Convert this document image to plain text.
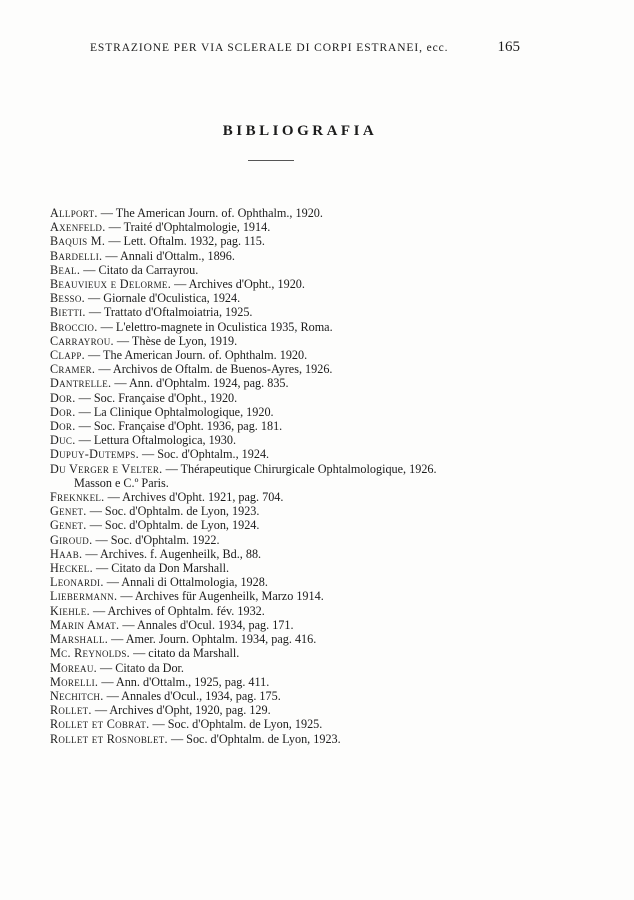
ESTRAZIONE PER VIA SCLERALE DI CORPI ESTRANEI, ecc.	165
BIBLIOGRAFIA
Allport. — The American Journ. of. Ophthalm., 1920.
Axenfeld. — Traité d'Ophtalmologie, 1914.
Baquis M. — Lett. Oftalm. 1932, pag. 115.
Bardelli. — Annali d'Ottalm., 1896.
Beal. — Citato da Carrayrou.
Beauvieux e Delorme. — Archives d'Opht., 1920.
Besso. — Giornale d'Oculistica, 1924.
Bietti. — Trattato d'Oftalmoiatria, 1925.
Broccio. — L'elettro-magnete in Oculistica 1935, Roma.
Carrayrou. — Thèse de Lyon, 1919.
Clapp. — The American Journ. of. Ophthalm. 1920.
Cramer. — Archivos de Oftalm. de Buenos-Ayres, 1926.
Dantrelle. — Ann. d'Ophtalm. 1924, pag. 835.
Dor. — Soc. Française d'Opht., 1920.
Dor. — La Clinique Ophtalmologique, 1920.
Dor. — Soc. Française d'Opht. 1936, pag. 181.
Duc. — Lettura Oftalmologica, 1930.
Dupuy-Dutemps. — Soc. d'Ophtalm., 1924.
Du Verger e Velter. — Thérapeutique Chirurgicale Ophtalmologique, 1926.
Masson e C.º Paris.
Freknkel. — Archives d'Opht. 1921, pag. 704.
Genet. — Soc. d'Ophtalm. de Lyon, 1923.
Genet. — Soc. d'Ophtalm. de Lyon, 1924.
Giroud. — Soc. d'Ophtalm. 1922.
Haab. — Archives. f. Augenheilk, Bd., 88.
Heckel. — Citato da Don Marshall.
Leonardi. — Annali di Ottalmologia, 1928.
Liebermann. — Archives für Augenheilk, Marzo 1914.
Kiehle. — Archives of Ophtalm. fév. 1932.
Marin Amat. — Annales d'Ocul. 1934, pag. 171.
Marshall. — Amer. Journ. Ophtalm. 1934, pag. 416.
Mc. Reynolds. — citato da Marshall.
Moreau. — Citato da Dor.
Morelli. — Ann. d'Ottalm., 1925, pag. 411.
Nechitch. — Annales d'Ocul., 1934, pag. 175.
Rollet. — Archives d'Opht, 1920, pag. 129.
Rollet et Cobrat. — Soc. d'Ophtalm. de Lyon, 1925.
Rollet et Rosnoblet. — Soc. d'Ophtalm. de Lyon, 1923.
